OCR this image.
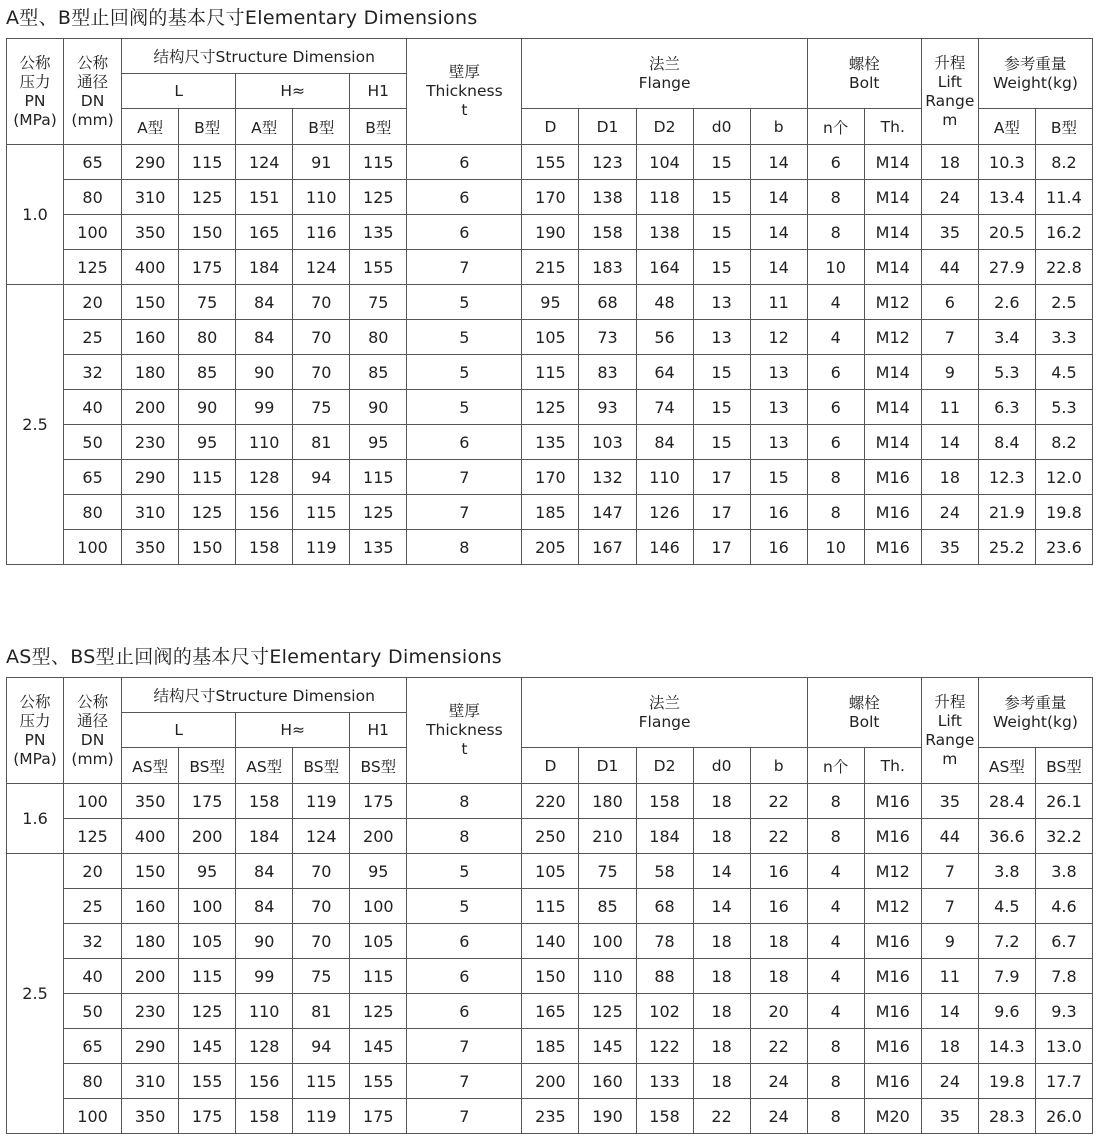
A型、B型止回阀的基本尺寸Elementary Dimensions
公称
压力
PN
(MPa)	公称
通径
DN
(mm)	结构尺寸Structure Dimension					壁厚
Thickness
t	法兰
Flange					螺栓
Bolt		升程
Lift
Range
m	参考重量
Weight(kg)	

		L		H≈		H1											
		A型	B型	A型	B型	B型		D	D1	D2	d0	b	n个	Th.		A型	B型
1.0	65	290	115	124	91	115	6	155	123	104	15	14	6	M14	18	10.3	8.2
	80	310	125	151	110	125	6	170	138	118	15	14	8	M14	24	13.4	11.4
	100	350	150	165	116	135	6	190	158	138	15	14	8	M14	35	20.5	16.2
	125	400	175	184	124	155	7	215	183	164	15	14	10	M14	44	27.9	22.8
2.5	20	150	75	84	70	75	5	95	68	48	13	11	4	M12	6	2.6	2.5
	25	160	80	84	70	80	5	105	73	56	13	12	4	M12	7	3.4	3.3
	32	180	85	90	70	85	5	115	83	64	15	13	6	M14	9	5.3	4.5
	40	200	90	99	75	90	5	125	93	74	15	13	6	M14	11	6.3	5.3
	50	230	95	110	81	95	6	135	103	84	15	13	6	M14	14	8.4	8.2
	65	290	115	128	94	115	7	170	132	110	17	15	8	M16	18	12.3	12.0
	80	310	125	156	115	125	7	185	147	126	17	16	8	M16	24	21.9	19.8
	100	350	150	158	119	135	8	205	167	146	17	16	10	M16	35	25.2	23.6
AS型、BS型止回阀的基本尺寸Elementary Dimensions
公称
压力
PN
(MPa)	公称
通径
DN
(mm)	结构尺寸Structure Dimension					壁厚
Thickness
t	法兰
Flange					螺栓
Bolt		升程
Lift
Range
m	参考重量
Weight(kg)	

		L		H≈		H1											
		AS型	BS型	AS型	BS型	BS型		D	D1	D2	d0	b	n个	Th.		AS型	BS型
1.6	100	350	175	158	119	175	8	220	180	158	18	22	8	M16	35	28.4	26.1
	125	400	200	184	124	200	8	250	210	184	18	22	8	M16	44	36.6	32.2
2.5	20	150	95	84	70	95	5	105	75	58	14	16	4	M12	7	3.8	3.8
	25	160	100	84	70	100	5	115	85	68	14	16	4	M12	7	4.5	4.6
	32	180	105	90	70	105	6	140	100	78	18	18	4	M16	9	7.2	6.7
	40	200	115	99	75	115	6	150	110	88	18	18	4	M16	11	7.9	7.8
	50	230	125	110	81	125	6	165	125	102	18	20	4	M16	14	9.6	9.3
	65	290	145	128	94	145	7	185	145	122	18	22	8	M16	18	14.3	13.0
	80	310	155	156	115	155	7	200	160	133	18	24	8	M16	24	19.8	17.7
	100	350	175	158	119	175	7	235	190	158	22	24	8	M20	35	28.3	26.0
